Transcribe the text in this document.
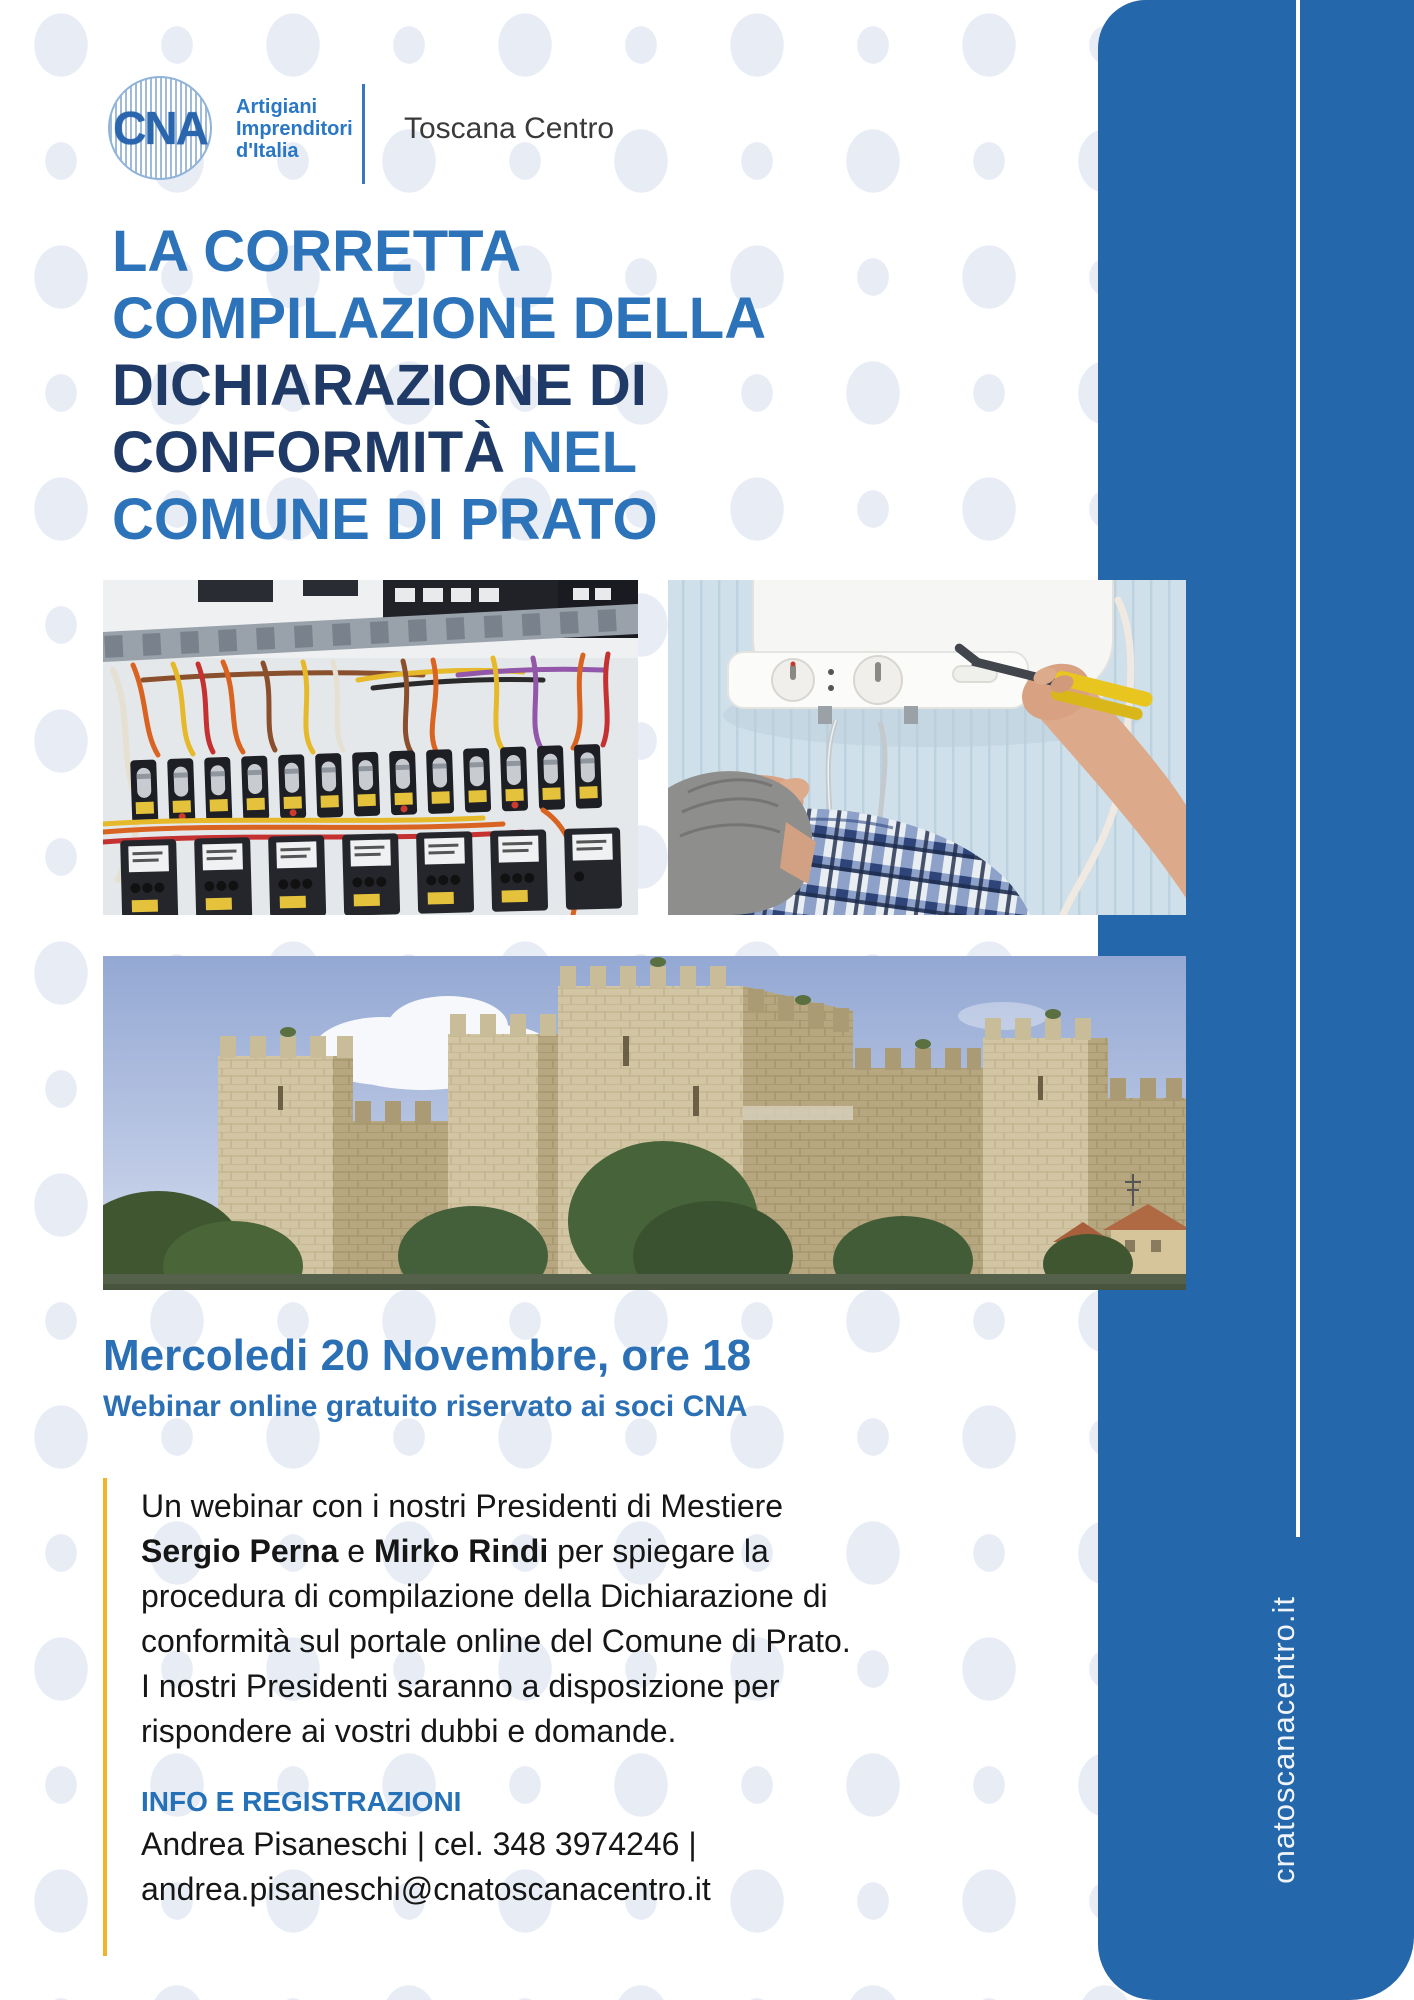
cnatoscanacentro.it
CNA Artigiani
Imprenditori
d'Italia
Toscana Centro
LA CORRETTA
COMPILAZIONE DELLA
DICHIARAZIONE DI
CONFORMITÀ NEL
COMUNE DI PRATO
Mercoledi 20 Novembre, ore 18
Webinar online gratuito riservato ai soci CNA

Un webinar con i nostri Presidenti di Mestiere Sergio Perna e Mirko Rindi per spiegare la procedura di compilazione della Dichiarazione di conformità sul portale online del Comune di Prato.

I nostri Presidenti saranno a disposizione per rispondere ai vostri dubbi e domande.

INFO E REGISTRAZIONI

Andrea Pisaneschi | cel. 348 3974246 |

andrea.pisaneschi@cnatoscanacentro.it
